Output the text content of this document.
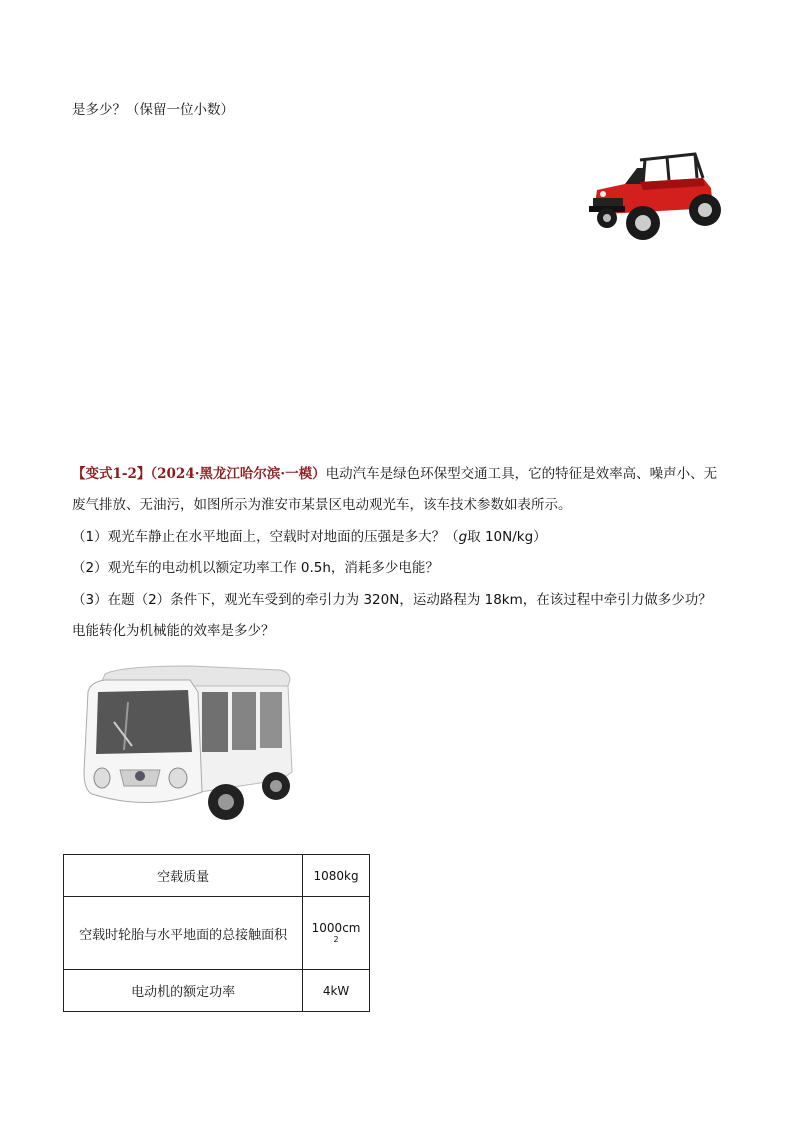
是多少？（保留一位小数）
【变式1-2】（2024·黑龙江哈尔滨·一模）电动汽车是绿色环保型交通工具，它的特征是效率高、噪声小、无
废气排放、无油污，如图所示为淮安市某景区电动观光车，该车技术参数如表所示。
（1）观光车静止在水平地面上，空载时对地面的压强是多大？（g取 10N/kg）
（2）观光车的电动机以额定功率工作 0.5h，消耗多少电能？
（3）在题（2）条件下，观光车受到的牵引力为 320N，运动路程为 18km，在该过程中牵引力做多少功？
电能转化为机械能的效率是多少？
空载质量	1080kg
空载时轮胎与水平地面的总接触面积	1000cm
2

电动机的额定功率	4kW
